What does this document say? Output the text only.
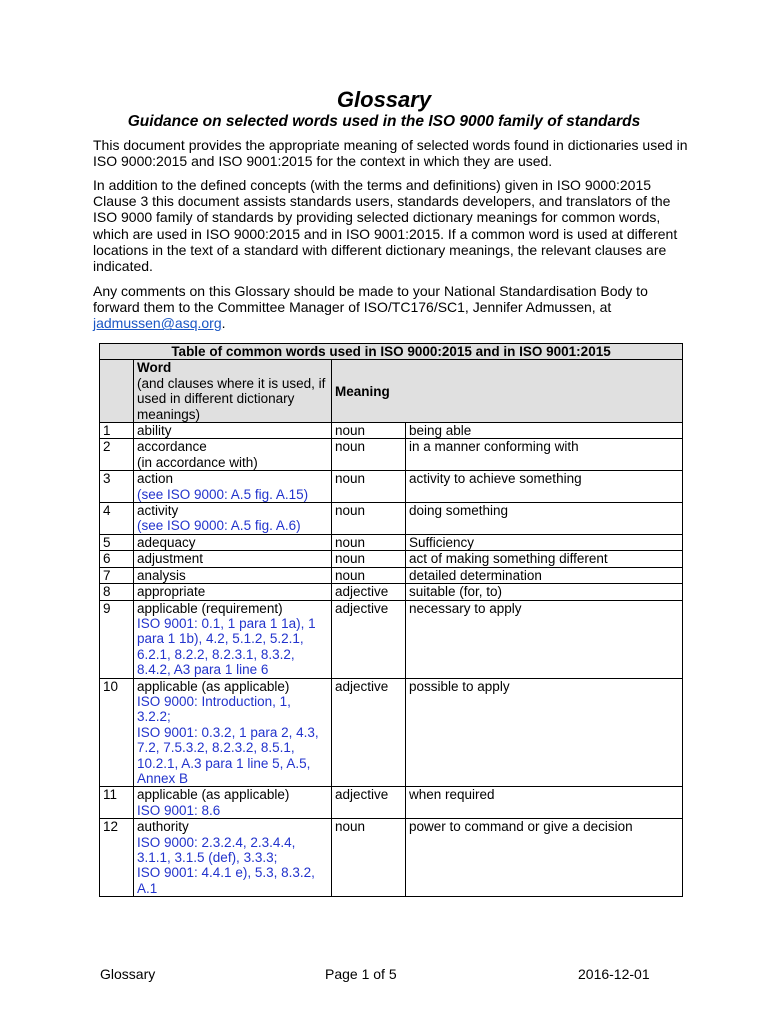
Glossary
Guidance on selected words used in the ISO 9000 family of standards

This document provides the appropriate meaning of selected words found in dictionaries used in ISO 9000:2015 and ISO 9001:2015 for the context in which they are used.

In addition to the defined concepts (with the terms and definitions) given in ISO 9000:2015 Clause 3 this document assists standards users, standards developers, and translators of the ISO 9000 family of standards by providing selected dictionary meanings for common words, which are used in ISO 9000:2015 and in ISO 9001:2015. If a common word is used at different locations in the text of a standard with different dictionary meanings, the relevant clauses are indicated.

Any comments on this Glossary should be made to your National Standardisation Body to forward them to the Committee Manager of ISO/TC176/SC1, Jennifer Admussen, at jadmussen@asq.org.

Table of common words used in ISO 9000:2015 and in ISO 9001:2015			
	Word
(and clauses where it is used, if used in different dictionary meanings)	Meaning	
1	ability	noun	being able
2	accordance
(in accordance with)	noun	in a manner conforming with
3	action
(see ISO 9000: A.5 fig. A.15)	noun	activity to achieve something
4	activity
(see ISO 9000: A.5 fig. A.6)	noun	doing something
5	adequacy	noun	Sufficiency
6	adjustment	noun	act of making something different
7	analysis	noun	detailed determination
8	appropriate	adjective	suitable (for, to)
9	applicable (requirement)
ISO 9001: 0.1, 1 para 1 1a), 1 para 1 1b), 4.2, 5.1.2, 5.2.1, 6.2.1, 8.2.2, 8.2.3.1, 8.3.2, 8.4.2, A3 para 1 line 6	adjective	necessary to apply
10	applicable (as applicable)
ISO 9000: Introduction, 1, 3.2.2;
ISO 9001: 0.3.2, 1 para 2, 4.3, 7.2, 7.5.3.2, 8.2.3.2, 8.5.1, 10.2.1, A.3 para 1 line 5, A.5, Annex B	adjective	possible to apply
11	applicable (as applicable)
ISO 9001: 8.6	adjective	when required
12	authority
ISO 9000: 2.3.2.4, 2.3.4.4, 3.1.1, 3.1.5 (def), 3.3.3;
ISO 9001: 4.4.1 e), 5.3, 8.3.2, A.1	noun	power to command or give a decision
Glossary	Page 1 of 5	2016-12-01
